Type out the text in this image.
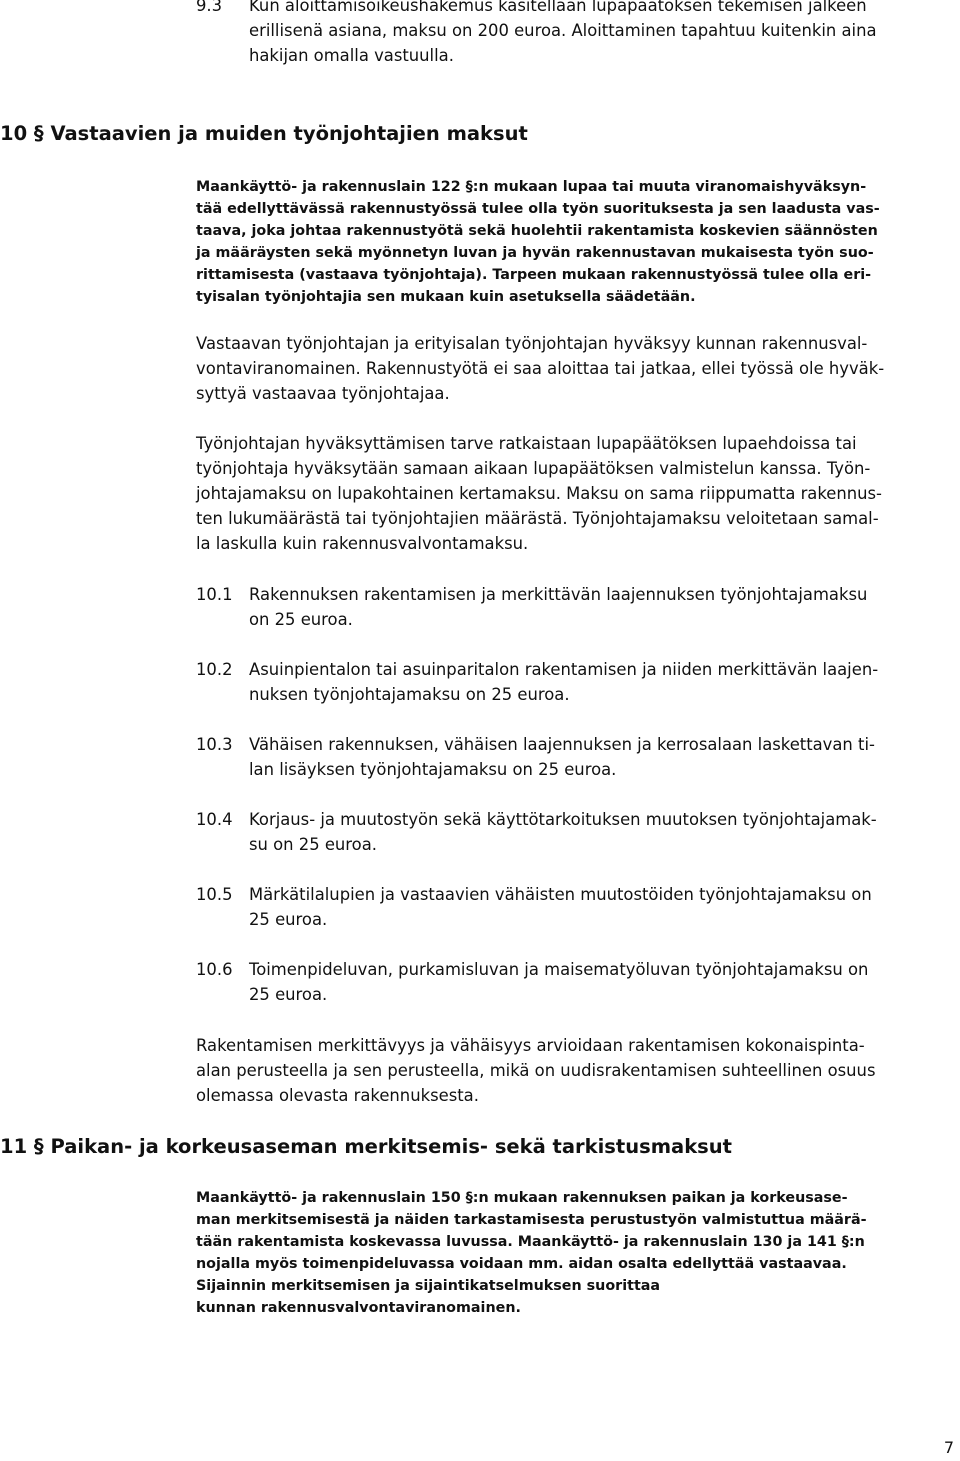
9.3 Kun aloittamisoikeushakemus käsitellään lupapäätöksen tekemisen jälkeen
erillisenä asiana, maksu on 200 euroa. Aloittaminen tapahtuu kuitenkin aina
hakijan omalla vastuulla.
10 § Vastaavien ja muiden työnjohtajien maksut
Maankäyttö- ja rakennuslain 122 §:n mukaan lupaa tai muuta viranomaishyväksyn-
tää edellyttävässä rakennustyössä tulee olla työn suorituksesta ja sen laadusta vas-
taava, joka johtaa rakennustyötä sekä huolehtii rakentamista koskevien säännösten
ja määräysten sekä myönnetyn luvan ja hyvän rakennustavan mukaisesta työn suo-
rittamisesta (vastaava työnjohtaja). Tarpeen mukaan rakennustyössä tulee olla eri-
tyisalan työnjohtajia sen mukaan kuin asetuksella säädetään.
Vastaavan työnjohtajan ja erityisalan työnjohtajan hyväksyy kunnan rakennusval-
vontaviranomainen. Rakennustyötä ei saa aloittaa tai jatkaa, ellei työssä ole hyväk-
syttyä vastaavaa työnjohtajaa.
Työnjohtajan hyväksyttämisen tarve ratkaistaan lupapäätöksen lupaehdoissa tai
työnjohtaja hyväksytään samaan aikaan lupapäätöksen valmistelun kanssa. Työn-
johtajamaksu on lupakohtainen kertamaksu. Maksu on sama riippumatta rakennus-
ten lukumäärästä tai työnjohtajien määrästä. Työnjohtajamaksu veloitetaan samal-
la laskulla kuin rakennusvalvontamaksu.
10.1 Rakennuksen rakentamisen ja merkittävän laajennuksen työnjohtajamaksu
on 25 euroa.
10.2 Asuinpientalon tai asuinparitalon rakentamisen ja niiden merkittävän laajen-
nuksen työnjohtajamaksu on 25 euroa.
10.3 Vähäisen rakennuksen, vähäisen laajennuksen ja kerrosalaan laskettavan ti-
lan lisäyksen työnjohtajamaksu on 25 euroa.
10.4 Korjaus- ja muutostyön sekä käyttötarkoituksen muutoksen työnjohtajamak-
su on 25 euroa.
10.5 Märkätilalupien ja vastaavien vähäisten muutostöiden työnjohtajamaksu on
25 euroa.
10.6 Toimenpideluvan, purkamisluvan ja maisematyöluvan työnjohtajamaksu on
25 euroa.
Rakentamisen merkittävyys ja vähäisyys arvioidaan rakentamisen kokonaispinta-
alan perusteella ja sen perusteella, mikä on uudisrakentamisen suhteellinen osuus
olemassa olevasta rakennuksesta.
11 § Paikan- ja korkeusaseman merkitsemis- sekä tarkistusmaksut
Maankäyttö- ja rakennuslain 150 §:n mukaan rakennuksen paikan ja korkeusase-
man merkitsemisestä ja näiden tarkastamisesta perustustyön valmistuttua määrä-
tään rakentamista koskevassa luvussa. Maankäyttö- ja rakennuslain 130 ja 141 §:n
nojalla myös toimenpideluvassa voidaan mm. aidan osalta edellyttää vastaavaa.
Sijainnin merkitsemisen ja sijaintikatselmuksen suorittaa
kunnan rakennusvalvontaviranomainen.
7
